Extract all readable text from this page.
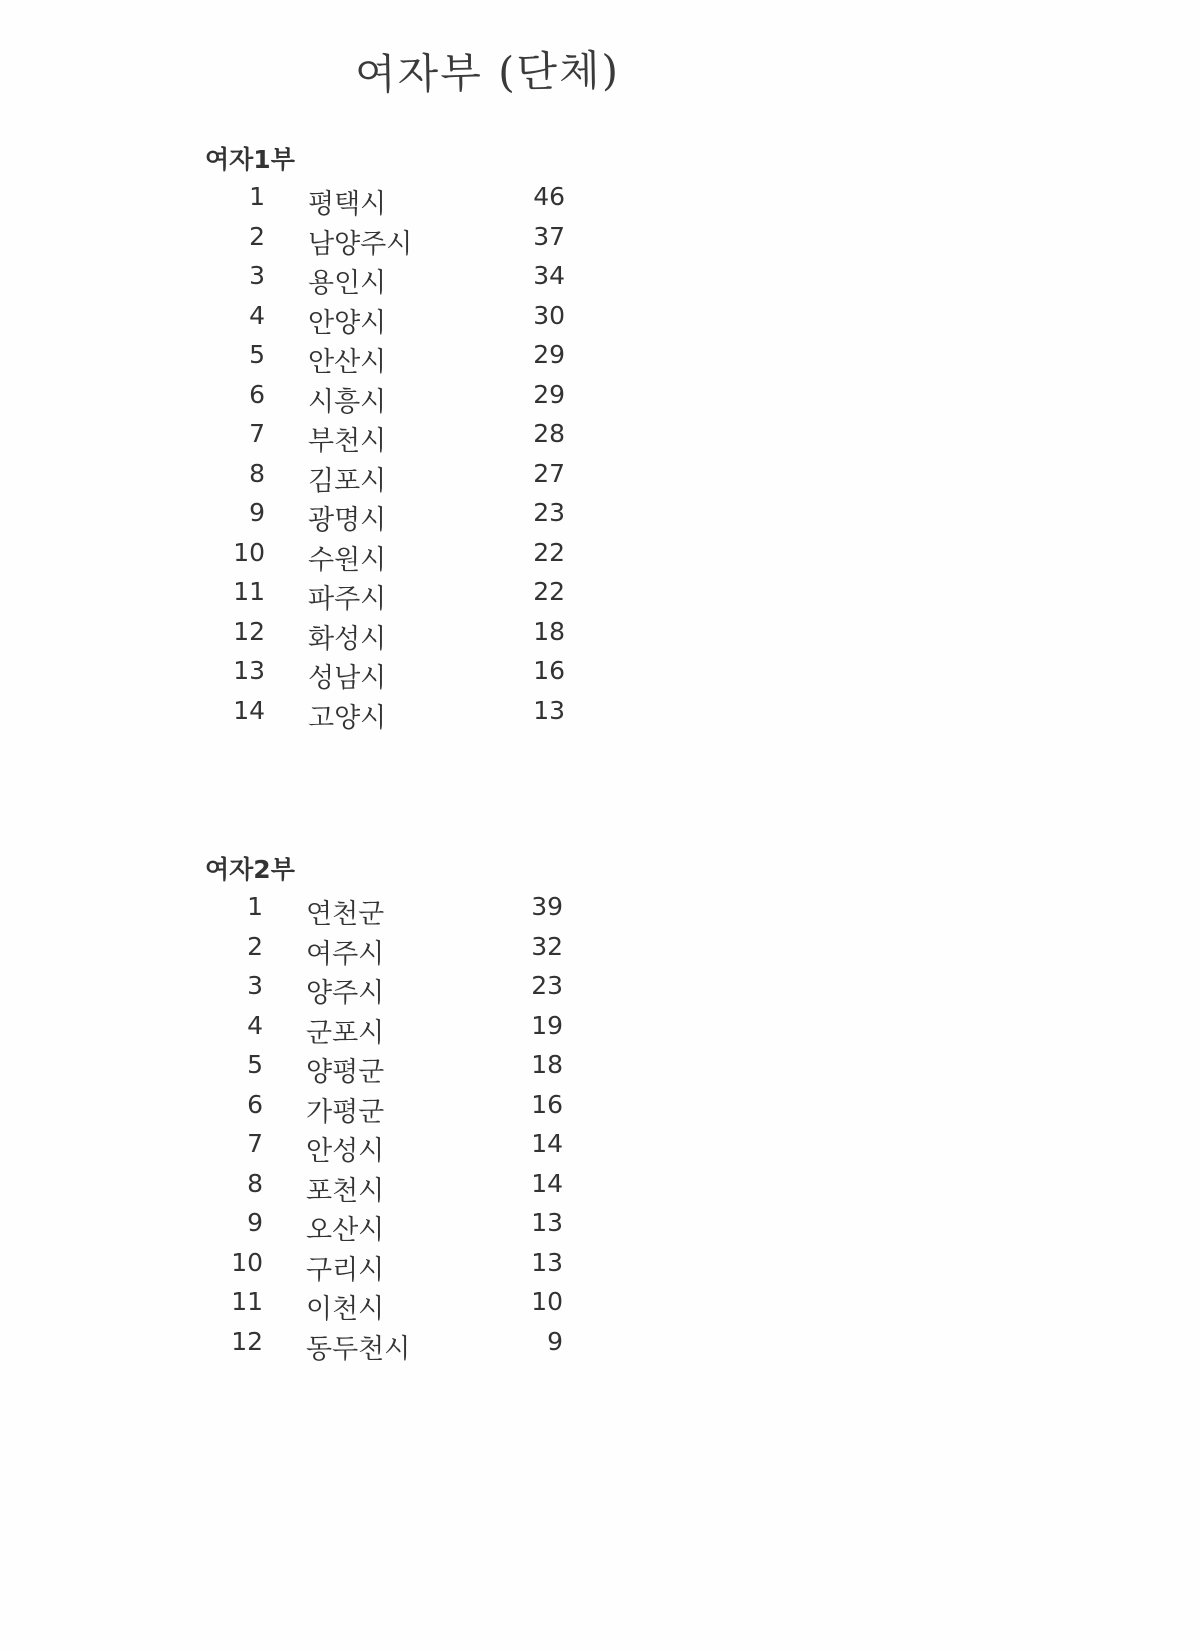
여자부 (단체)
여자1부
1 평택시	46
2 남양주시	37
3 용인시	34
4 안양시	30
5 안산시	29
6 시흥시	29
7 부천시	28
8 김포시	27
9 광명시	23
10 수원시	22
11 파주시	22
12 화성시	18
13 성남시	16
14 고양시	13
여자2부
1 연천군	39
2 여주시	32
3 양주시	23
4 군포시	19
5 양평군	18
6 가평군	16
7 안성시	14
8 포천시	14
9 오산시	13
10 구리시	13
11 이천시	10
12 동두천시	9
